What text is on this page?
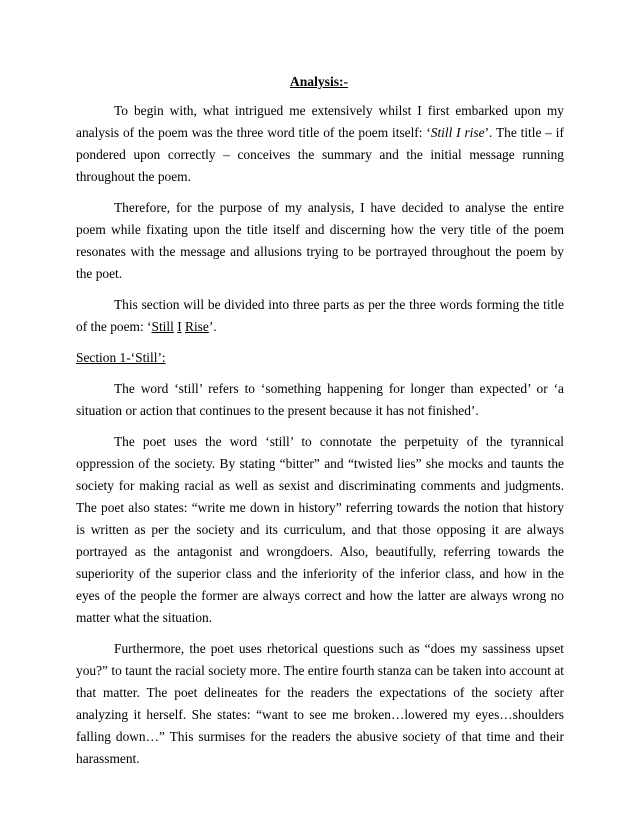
Analysis:-

To begin with, what intrigued me extensively whilst I first embarked upon my analysis of the poem was the three word title of the poem itself: ‘Still I rise’. The title – if pondered upon correctly – conceives the summary and the initial message running throughout the poem.

Therefore, for the purpose of my analysis, I have decided to analyse the entire poem while fixating upon the title itself and discerning how the very title of the poem resonates with the message and allusions trying to be portrayed throughout the poem by the poet.

This section will be divided into three parts as per the three words forming the title of the poem: ‘Still I Rise’.

Section 1-‘Still’:

The word ‘still’ refers to ‘something happening for longer than expected’ or ‘a situation or action that continues to the present because it has not finished’.

The poet uses the word ‘still’ to connotate the perpetuity of the tyrannical oppression of the society. By stating “bitter” and “twisted lies” she mocks and taunts the society for making racial as well as sexist and discriminating comments and judgments. The poet also states: “write me down in history” referring towards the notion that history is written as per the society and its curriculum, and that those opposing it are always portrayed as the antagonist and wrongdoers. Also, beautifully, referring towards the superiority of the superior class and the inferiority of the inferior class, and how in the eyes of the people the former are always correct and how the latter are always wrong no matter what the situation.

Furthermore, the poet uses rhetorical questions such as “does my sassiness upset you?” to taunt the racial society more. The entire fourth stanza can be taken into account at that matter. The poet delineates for the readers the expectations of the society after analyzing it herself. She states: “want to see me broken…lowered my eyes…shoulders falling down…” This surmises for the readers the abusive society of that time and their harassment.
